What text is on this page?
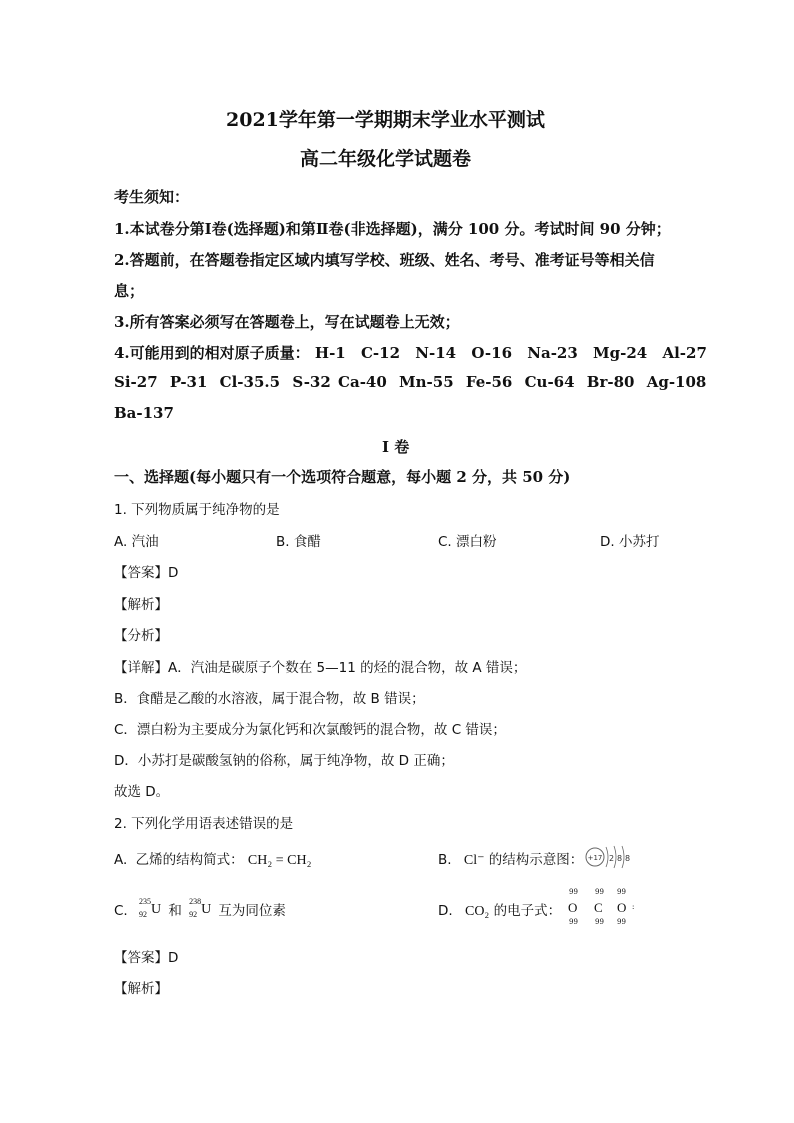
2021学年第一学期期末学业水平测试
高二年级化学试题卷
考生须知：
1.本试卷分第Ⅰ卷(选择题)和第Ⅱ卷(非选择题)，满分 100 分。考试时间 90 分钟；
2.答题前，在答题卷指定区域内填写学校、班级、姓名、考号、准考证号等相关信
息；
3.所有答案必须写在答题卷上，写在试题卷上无效；
4.可能用到的相对原子质量： H-1 C-12 N-14 O-16 Na-23 Mg-24 Al-27
Si-27 P-31 Cl-35.5 S-32 Ca-40 Mn-55 Fe-56 Cu-64 Br-80 Ag-108
Ba-137
I 卷
一、选择题(每小题只有一个选项符合题意，每小题 2 分，共 50 分)
1. 下列物质属于纯净物的是
A. 汽油	B. 食醋	C. 漂白粉	D. 小苏打
【答案】D
【解析】
【分析】
【详解】A．汽油是碳原子个数在 5—11 的烃的混合物，故 A 错误；
B．食醋是乙酸的水溶液，属于混合物，故 B 错误；
C．漂白粉为主要成分为氯化钙和次氯酸钙的混合物，故 C 错误；
D．小苏打是碳酸氢钠的俗称，属于纯净物，故 D 正确；
故选 D。
2. 下列化学用语表述错误的是
A. 乙烯的结构简式： CH₂ = CH₂	B. Cl⁻ 的结构示意图： +17 2 8 8
C.
235
92 U 和
238
92 U 互为同位素	D. CO₂ 的电子式：
99 99 99
O C O :
99 99 99
【答案】D
【解析】
